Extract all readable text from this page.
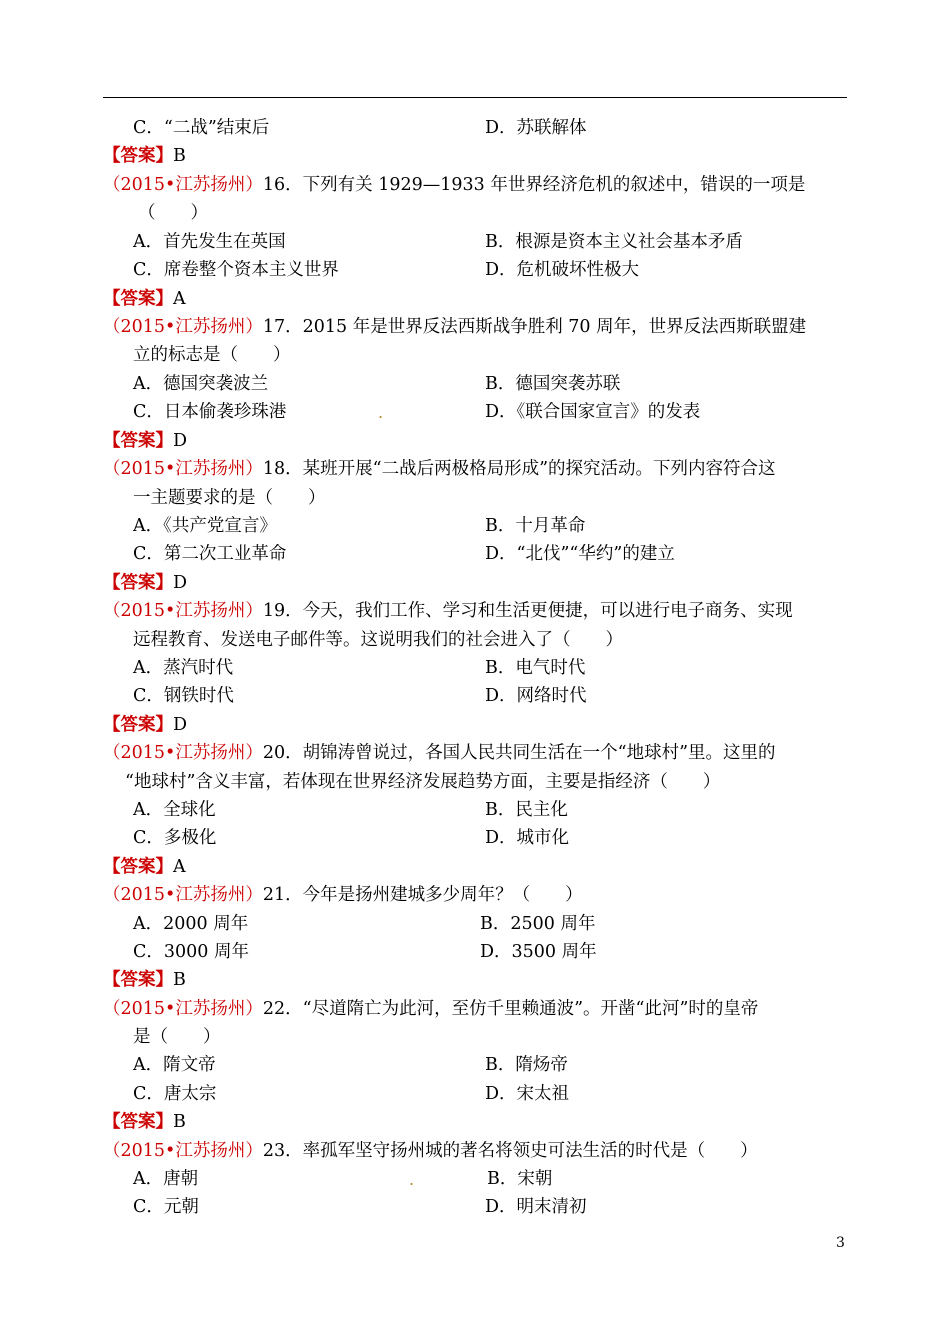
C．“二战”结束后	D．苏联解体
【答案】B
（2015•江苏扬州）16．下列有关 1929—1933 年世界经济危机的叙述中，错误的一项是
（　　）
A．首先发生在英国	B．根源是资本主义社会基本矛盾
C．席卷整个资本主义世界	D．危机破坏性极大
【答案】A
（2015•江苏扬州）17．2015 年是世界反法西斯战争胜利 70 周年，世界反法西斯联盟建
立的标志是（　　）
A．德国突袭波兰	B．德国突袭苏联
C．日本偷袭珍珠港	.	D．《联合国家宣言》的发表
【答案】D
（2015•江苏扬州）18．某班开展“二战后两极格局形成”的探究活动。下列内容符合这
一主题要求的是（　　）
A．《共产党宣言》	B．十月革命
C．第二次工业革命	D．“北伐”“华约”的建立
【答案】D
（2015•江苏扬州）19．今天，我们工作、学习和生活更便捷，可以进行电子商务、实现
远程教育、发送电子邮件等。这说明我们的社会进入了（　　）
A．蒸汽时代	B．电气时代
C．钢铁时代	D．网络时代
【答案】D
（2015•江苏扬州）20．胡锦涛曾说过，各国人民共同生活在一个“地球村”里。这里的
“地球村”含义丰富，若体现在世界经济发展趋势方面，主要是指经济（　　）
A．全球化	B．民主化
C．多极化	D．城市化
【答案】A
（2015•江苏扬州）21．今年是扬州建城多少周年？（　　）
A．2000 周年	B．2500 周年
C．3000 周年	D．3500 周年
【答案】B
（2015•江苏扬州）22．“尽道隋亡为此河，至仿千里赖通波”。开凿“此河”时的皇帝
是（　　）
A．隋文帝	B．隋炀帝
C．唐太宗	D．宋太祖
【答案】B
（2015•江苏扬州）23．率孤军坚守扬州城的著名将领史可法生活的时代是（　　）
A．唐朝	.	B．宋朝
C．元朝	D．明末清初
3
